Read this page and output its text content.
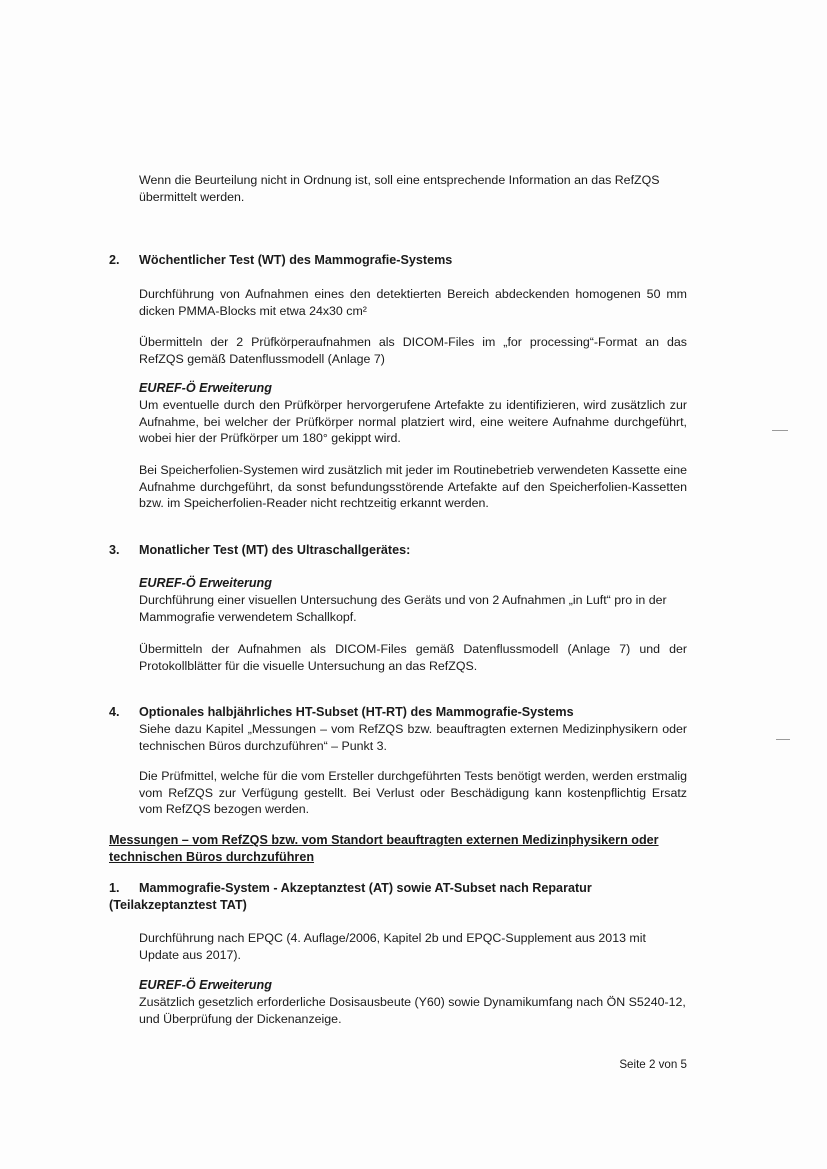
Wenn die Beurteilung nicht in Ordnung ist, soll eine entsprechende Information an das RefZQS übermittelt werden.

2. Wöchentlicher Test (WT) des Mammografie-Systems

Durchführung von Aufnahmen eines den detektierten Bereich abdeckenden homogenen 50 mm dicken PMMA-Blocks mit etwa 24x30 cm²

Übermitteln der 2 Prüfkörperaufnahmen als DICOM-Files im „for processing“-Format an das RefZQS gemäß Datenflussmodell (Anlage 7)

EUREF-Ö Erweiterung

Um eventuelle durch den Prüfkörper hervorgerufene Artefakte zu identifizieren, wird zusätzlich zur Aufnahme, bei welcher der Prüfkörper normal platziert wird, eine weitere Aufnahme durchgeführt, wobei hier der Prüfkörper um 180° gekippt wird.

Bei Speicherfolien-Systemen wird zusätzlich mit jeder im Routinebetrieb verwendeten Kassette eine Aufnahme durchgeführt, da sonst befundungsstörende Artefakte auf den Speicherfolien-Kassetten bzw. im Speicherfolien-Reader nicht rechtzeitig erkannt werden.

3. Monatlicher Test (MT) des Ultraschallgerätes:

EUREF-Ö Erweiterung

Durchführung einer visuellen Untersuchung des Geräts und von 2 Aufnahmen „in Luft“ pro in der Mammografie verwendetem Schallkopf.

Übermitteln der Aufnahmen als DICOM-Files gemäß Datenflussmodell (Anlage 7) und der Protokollblätter für die visuelle Untersuchung an das RefZQS.

4. Optionales halbjährliches HT-Subset (HT-RT) des Mammografie-Systems

Siehe dazu Kapitel „Messungen – vom RefZQS bzw. beauftragten externen Medizinphysikern oder technischen Büros durchzuführen“ – Punkt 3.

Die Prüfmittel, welche für die vom Ersteller durchgeführten Tests benötigt werden, werden erstmalig vom RefZQS zur Verfügung gestellt. Bei Verlust oder Beschädigung kann kostenpflichtig Ersatz vom RefZQS bezogen werden.

Messungen – vom RefZQS bzw. vom Standort beauftragten externen Medizinphysikern oder technischen Büros durchzuführen

1. Mammografie-System - Akzeptanztest (AT) sowie AT-Subset nach Reparatur (Teilakzeptanztest TAT)

Durchführung nach EPQC (4. Auflage/2006, Kapitel 2b und EPQC-Supplement aus 2013 mit Update aus 2017).

EUREF-Ö Erweiterung

Zusätzlich gesetzlich erforderliche Dosisausbeute (Y60) sowie Dynamikumfang nach ÖN S5240-12, und Überprüfung der Dickenanzeige.

Seite 2 von 5
